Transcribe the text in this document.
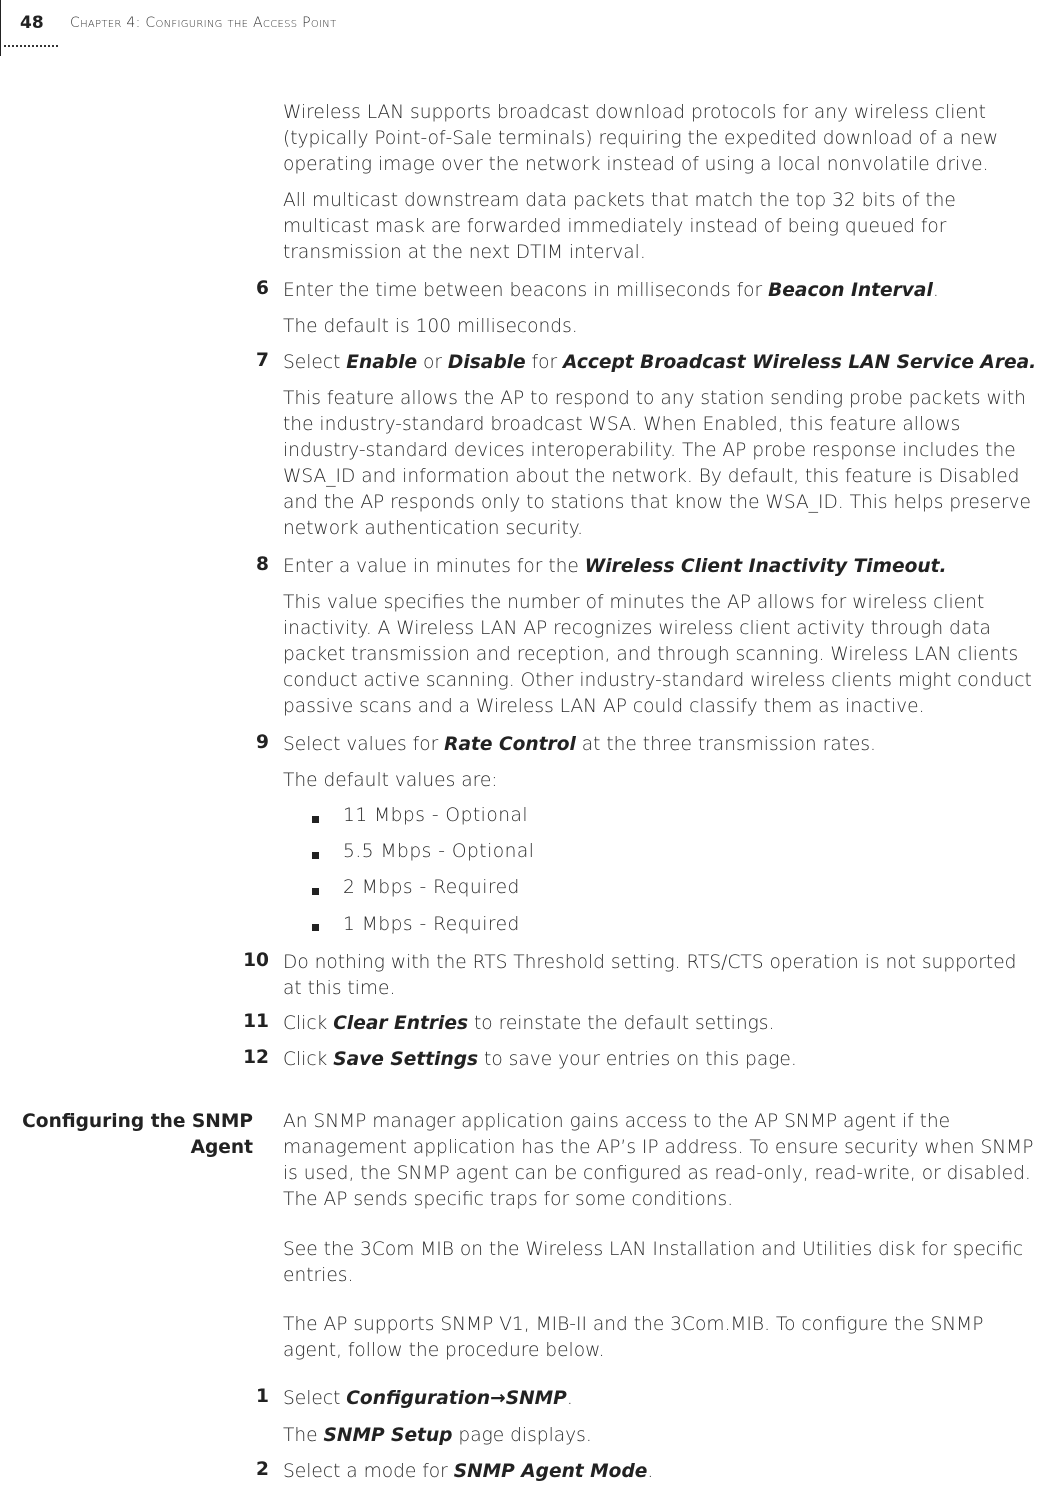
48 Chapter 4: Configuring the Access Point
Wireless LAN supports broadcast download protocols for any wireless client (typically Point-of-Sale terminals) requiring the expedited download of a new operating image over the network instead of using a local nonvolatile drive.
All multicast downstream data packets that match the top 32 bits of the multicast mask are forwarded immediately instead of being queued for transmission at the next DTIM interval.
6 Enter the time between beacons in milliseconds for Beacon Interval.
The default is 100 milliseconds.
7 Select Enable or Disable for Accept Broadcast Wireless LAN Service Area.
This feature allows the AP to respond to any station sending probe packets with the industry-standard broadcast WSA. When Enabled, this feature allows industry-standard devices interoperability. The AP probe response includes the WSA_ID and information about the network. By default, this feature is Disabled and the AP responds only to stations that know the WSA_ID. This helps preserve network authentication security.
8 Enter a value in minutes for the Wireless Client Inactivity Timeout.
This value specifies the number of minutes the AP allows for wireless client inactivity. A Wireless LAN AP recognizes wireless client activity through data packet transmission and reception, and through scanning. Wireless LAN clients conduct active scanning. Other industry-standard wireless clients might conduct passive scans and a Wireless LAN AP could classify them as inactive.
9 Select values for Rate Control at the three transmission rates.
The default values are:
11 Mbps - Optional
5.5 Mbps - Optional
2 Mbps - Required
1 Mbps - Required
10 Do nothing with the RTS Threshold setting. RTS/CTS operation is not supported at this time.
11 Click Clear Entries to reinstate the default settings.
12 Click Save Settings to save your entries on this page.
Configuring the SNMP
Agent
An SNMP manager application gains access to the AP SNMP agent if the management application has the AP’s IP address. To ensure security when SNMP is used, the SNMP agent can be configured as read-only, read-write, or disabled. The AP sends specific traps for some conditions.
See the 3Com MIB on the Wireless LAN Installation and Utilities disk for specific entries.
The AP supports SNMP V1, MIB-II and the 3Com.MIB. To configure the SNMP agent, follow the procedure below.
1 Select Configuration→SNMP.
The SNMP Setup page displays.
2 Select a mode for SNMP Agent Mode.
